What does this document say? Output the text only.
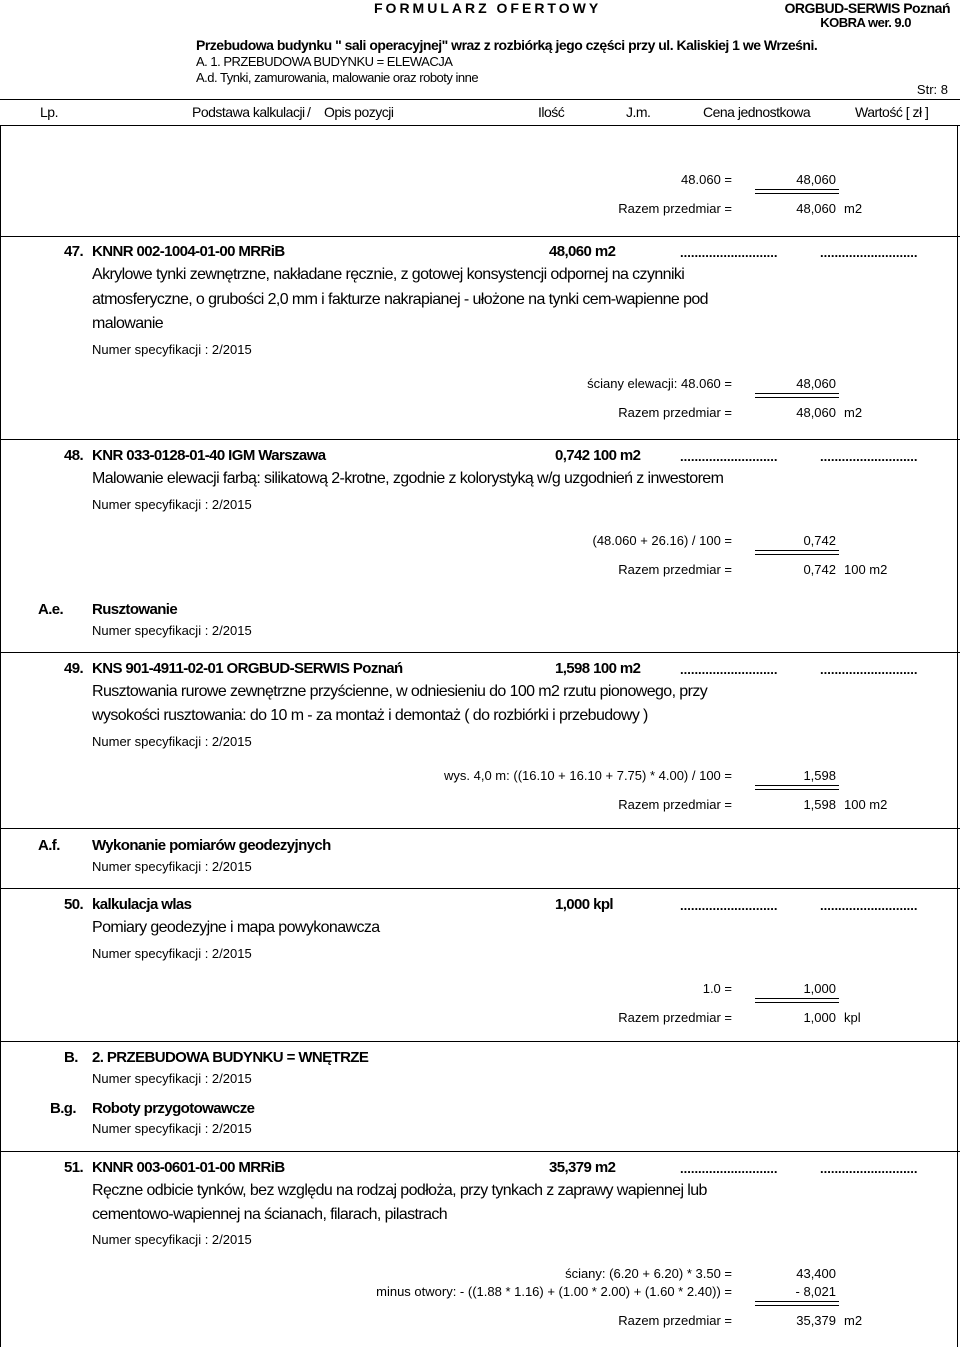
FORMULARZ OFERTOWY	ORGBUD-SERWIS Poznań
KOBRA wer. 9.0
Przebudowa budynku " sali operacyjnej" wraz z rozbiórką jego części przy ul. Kaliskiej 1 we Wrześni.
A. 1. PRZEBUDOWA BUDYNKU = ELEWACJA
A.d. Tynki, zamurowania, malowanie oraz roboty inne
Str: 8
Lp.	Podstawa kalkulacji / Opis pozycji	Ilość	J.m.	Cena jednostkowa	Wartość [ zł ]
48.060 =	48,060
Razem przedmiar =	48,060 m2
47. KNNR 002-1004-01-00 MRRiB	48,060 m2	...........................	...........................
Akrylowe tynki zewnętrzne, nakładane ręcznie, z gotowej konsystencji odpornej na czynniki
atmosferyczne, o grubości 2,0 mm i fakturze nakrapianej - ułożone na tynki cem-wapienne pod
malowanie
Numer specyfikacji : 2/2015
ściany elewacji: 48.060 =	48,060
Razem przedmiar =	48,060 m2
48. KNR 033-0128-01-40 IGM Warszawa	0,742 100 m2	...........................	...........................
Malowanie elewacji farbą: silikatową 2-krotne, zgodnie z kolorystyką w/g uzgodnień z inwestorem
Numer specyfikacji : 2/2015
(48.060 + 26.16) / 100 =	0,742
Razem przedmiar =	0,742 100 m2
A.e. Rusztowanie
Numer specyfikacji : 2/2015
49. KNS 901-4911-02-01 ORGBUD-SERWIS Poznań	1,598 100 m2	...........................	...........................
Rusztowania rurowe zewnętrzne przyścienne, w odniesieniu do 100 m2 rzutu pionowego, przy
wysokości rusztowania: do 10 m - za montaż i demontaż ( do rozbiórki i przebudowy )
Numer specyfikacji : 2/2015
wys. 4,0 m: ((16.10 + 16.10 + 7.75) * 4.00) / 100 =	1,598
Razem przedmiar =	1,598 100 m2
A.f. Wykonanie pomiarów geodezyjnych
Numer specyfikacji : 2/2015
50. kalkulacja wlas	1,000 kpl	...........................	...........................
Pomiary geodezyjne i mapa powykonawcza
Numer specyfikacji : 2/2015
1.0 =	1,000
Razem przedmiar =	1,000 kpl
B. 2. PRZEBUDOWA BUDYNKU = WNĘTRZE
Numer specyfikacji : 2/2015
B.g. Roboty przygotowawcze
Numer specyfikacji : 2/2015
51. KNNR 003-0601-01-00 MRRiB	35,379 m2	...........................	...........................
Ręczne odbicie tynków, bez względu na rodzaj podłoża, przy tynkach z zaprawy wapiennej lub
cementowo-wapiennej na ścianach, filarach, pilastrach
Numer specyfikacji : 2/2015
ściany: (6.20 + 6.20) * 3.50 =	43,400
minus otwory: - ((1.88 * 1.16) + (1.00 * 2.00) + (1.60 * 2.40)) =	- 8,021
Razem przedmiar =	35,379 m2
